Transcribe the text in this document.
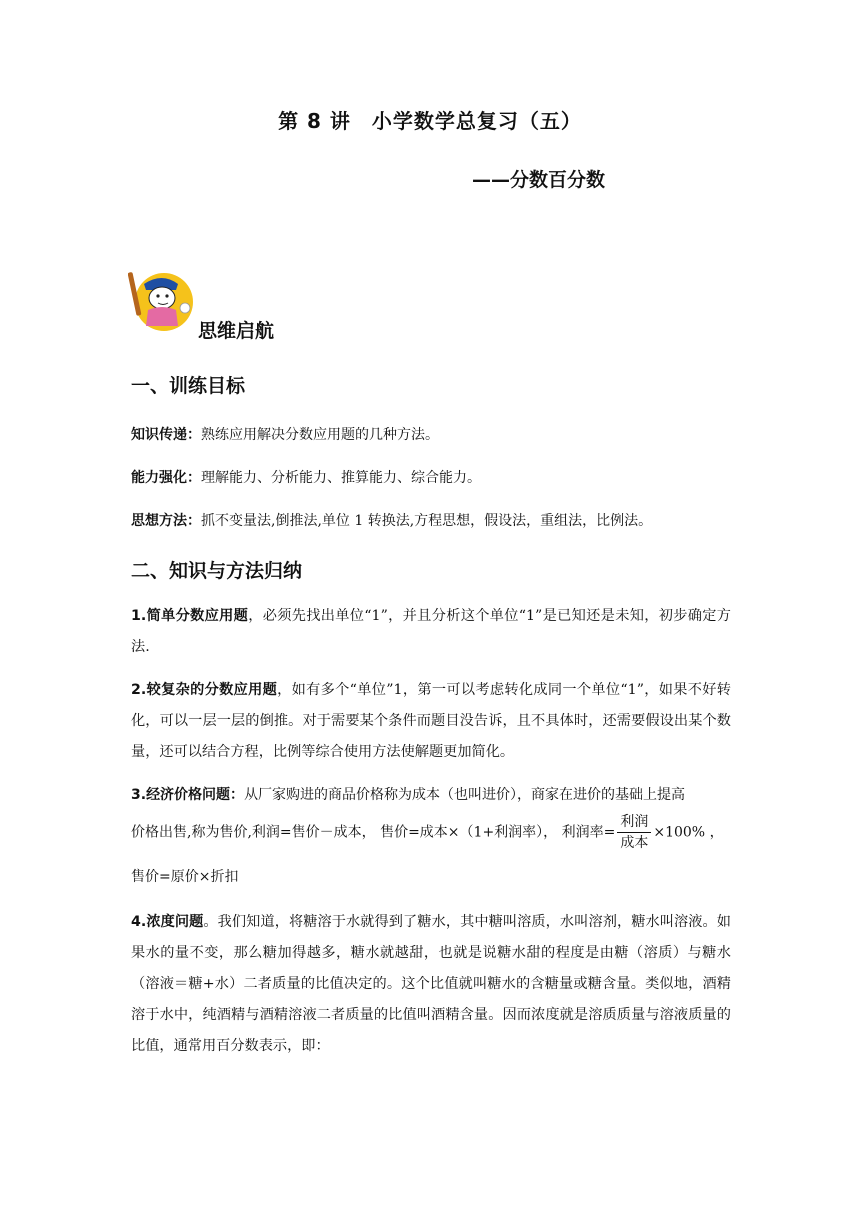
第 8 讲　小学数学总复习（五）
——分数百分数
思维启航
一、训练目标
知识传递：熟练应用解决分数应用题的几种方法。
能力强化：理解能力、分析能力、推算能力、综合能力。
思想方法：抓不变量法,倒推法,单位 1 转换法,方程思想，假设法，重组法，比例法。
二、知识与方法归纳
1.简单分数应用题，必须先找出单位“1”，并且分析这个单位“1”是已知还是未知，初步确定方法.
2.较复杂的分数应用题，如有多个“单位”1，第一可以考虑转化成同一个单位“1”，如果不好转化，可以一层一层的倒推。对于需要某个条件而题目没告诉，且不具体时，还需要假设出某个数量，还可以结合方程，比例等综合使用方法使解题更加简化。
3.经济价格问题：从厂家购进的商品价格称为成本（也叫进价），商家在进价的基础上提高
价格出售,称为售价,利润=售价－成本， 售价=成本×（1+利润率）， 利润率= $\frac{\text{利润}}{\text{成本}} \times 100\%$ ，
售价=原价×折扣
4.浓度问题。我们知道，将糖溶于水就得到了糖水，其中糖叫溶质，水叫溶剂，糖水叫溶液。如果水的量不变，那么糖加得越多，糖水就越甜，也就是说糖水甜的程度是由糖（溶质）与糖水（溶液＝糖+水）二者质量的比值决定的。这个比值就叫糖水的含糖量或糖含量。类似地，酒精溶于水中，纯酒精与酒精溶液二者质量的比值叫酒精含量。因而浓度就是溶质质量与溶液质量的比值，通常用百分数表示，即：
